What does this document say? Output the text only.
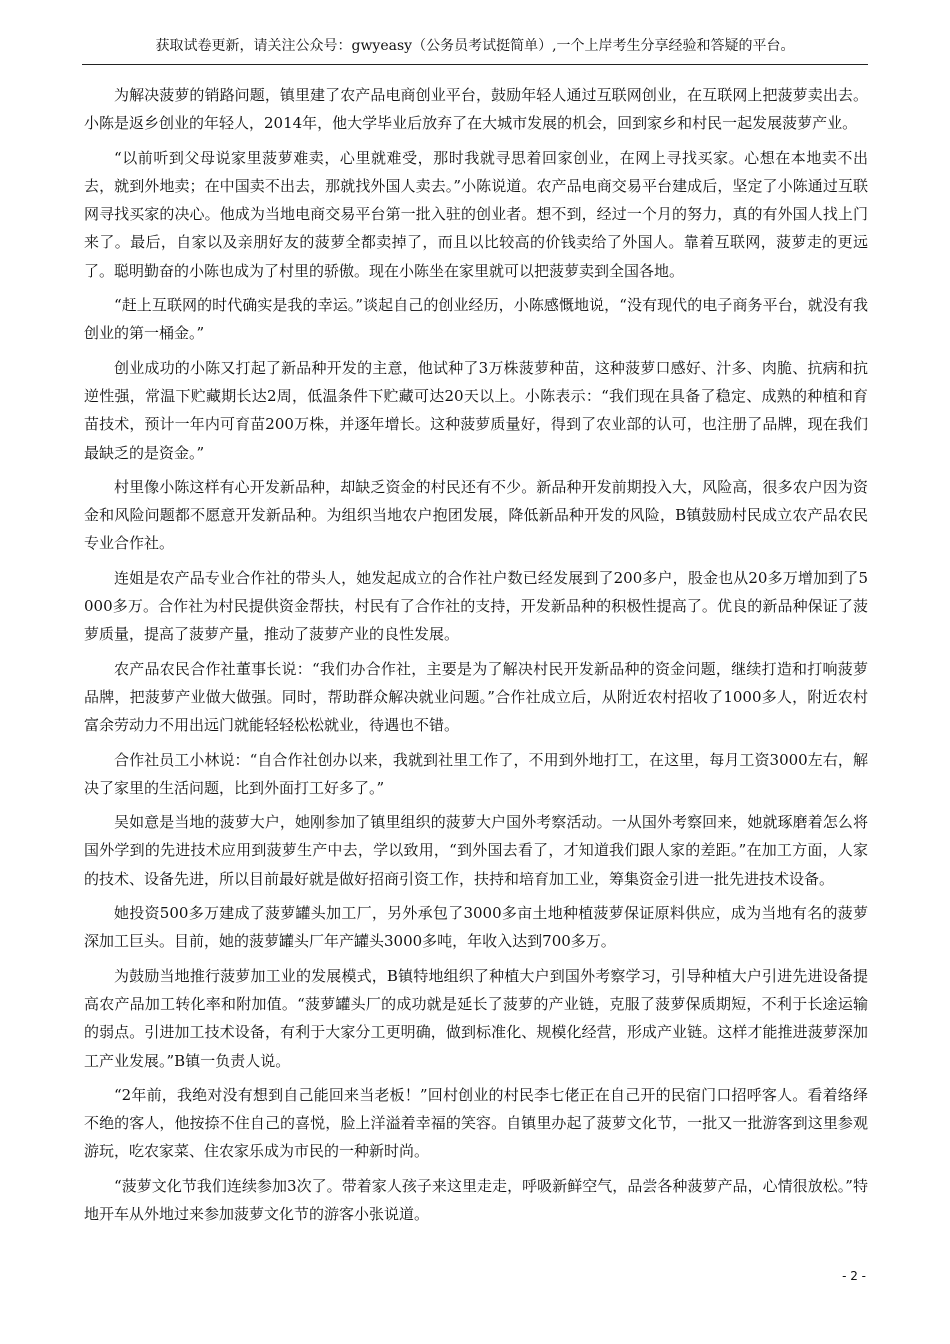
获取试卷更新，请关注公众号：gwyeasy（公务员考试挺简单）,一个上岸考生分享经验和答疑的平台。

为解决菠萝的销路问题，镇里建了农产品电商创业平台，鼓励年轻人通过互联网创业，在互联网上把菠萝卖出去。小陈是返乡创业的年轻人，2014年，他大学毕业后放弃了在大城市发展的机会，回到家乡和村民一起发展菠萝产业。

“以前听到父母说家里菠萝难卖，心里就难受，那时我就寻思着回家创业，在网上寻找买家。心想在本地卖不出去，就到外地卖；在中国卖不出去，那就找外国人卖去。”小陈说道。农产品电商交易平台建成后，坚定了小陈通过互联网寻找买家的决心。他成为当地电商交易平台第一批入驻的创业者。想不到，经过一个月的努力，真的有外国人找上门来了。最后，自家以及亲朋好友的菠萝全都卖掉了，而且以比较高的价钱卖给了外国人。靠着互联网，菠萝走的更远了。聪明勤奋的小陈也成为了村里的骄傲。现在小陈坐在家里就可以把菠萝卖到全国各地。

“赶上互联网的时代确实是我的幸运。”谈起自己的创业经历，小陈感慨地说，“没有现代的电子商务平台，就没有我创业的第一桶金。”

创业成功的小陈又打起了新品种开发的主意，他试种了3万株菠萝种苗，这种菠萝口感好、汁多、肉脆、抗病和抗逆性强，常温下贮藏期长达2周，低温条件下贮藏可达20天以上。小陈表示：“我们现在具备了稳定、成熟的种植和育苗技术，预计一年内可育苗200万株，并逐年增长。这种菠萝质量好，得到了农业部的认可，也注册了品牌，现在我们最缺乏的是资金。”

村里像小陈这样有心开发新品种，却缺乏资金的村民还有不少。新品种开发前期投入大，风险高，很多农户因为资金和风险问题都不愿意开发新品种。为组织当地农户抱团发展，降低新品种开发的风险，B镇鼓励村民成立农产品农民专业合作社。

连姐是农产品专业合作社的带头人，她发起成立的合作社户数已经发展到了200多户，股金也从20多万增加到了5000多万。合作社为村民提供资金帮扶，村民有了合作社的支持，开发新品种的积极性提高了。优良的新品种保证了菠萝质量，提高了菠萝产量，推动了菠萝产业的良性发展。

农产品农民合作社董事长说：“我们办合作社，主要是为了解决村民开发新品种的资金问题，继续打造和打响菠萝品牌，把菠萝产业做大做强。同时，帮助群众解决就业问题。”合作社成立后，从附近农村招收了1000多人，附近农村富余劳动力不用出远门就能轻轻松松就业，待遇也不错。

合作社员工小林说：“自合作社创办以来，我就到社里工作了，不用到外地打工，在这里，每月工资3000左右，解决了家里的生活问题，比到外面打工好多了。”

吴如意是当地的菠萝大户，她刚参加了镇里组织的菠萝大户国外考察活动。一从国外考察回来，她就琢磨着怎么将国外学到的先进技术应用到菠萝生产中去，学以致用，“到外国去看了，才知道我们跟人家的差距。”在加工方面，人家的技术、设备先进，所以目前最好就是做好招商引资工作，扶持和培育加工业，筹集资金引进一批先进技术设备。

她投资500多万建成了菠萝罐头加工厂，另外承包了3000多亩土地种植菠萝保证原料供应，成为当地有名的菠萝深加工巨头。目前，她的菠萝罐头厂年产罐头3000多吨，年收入达到700多万。

为鼓励当地推行菠萝加工业的发展模式，B镇特地组织了种植大户到国外考察学习，引导种植大户引进先进设备提高农产品加工转化率和附加值。“菠萝罐头厂的成功就是延长了菠萝的产业链，克服了菠萝保质期短，不利于长途运输的弱点。引进加工技术设备，有利于大家分工更明确，做到标准化、规模化经营，形成产业链。这样才能推进菠萝深加工产业发展。”B镇一负责人说。

“2年前，我绝对没有想到自己能回来当老板！”回村创业的村民李七佬正在自己开的民宿门口招呼客人。看着络绎不绝的客人，他按捺不住自己的喜悦，脸上洋溢着幸福的笑容。自镇里办起了菠萝文化节，一批又一批游客到这里参观游玩，吃农家菜、住农家乐成为市民的一种新时尚。

“菠萝文化节我们连续参加3次了。带着家人孩子来这里走走，呼吸新鲜空气，品尝各种菠萝产品，心情很放松。”特地开车从外地过来参加菠萝文化节的游客小张说道。

- 2 -
